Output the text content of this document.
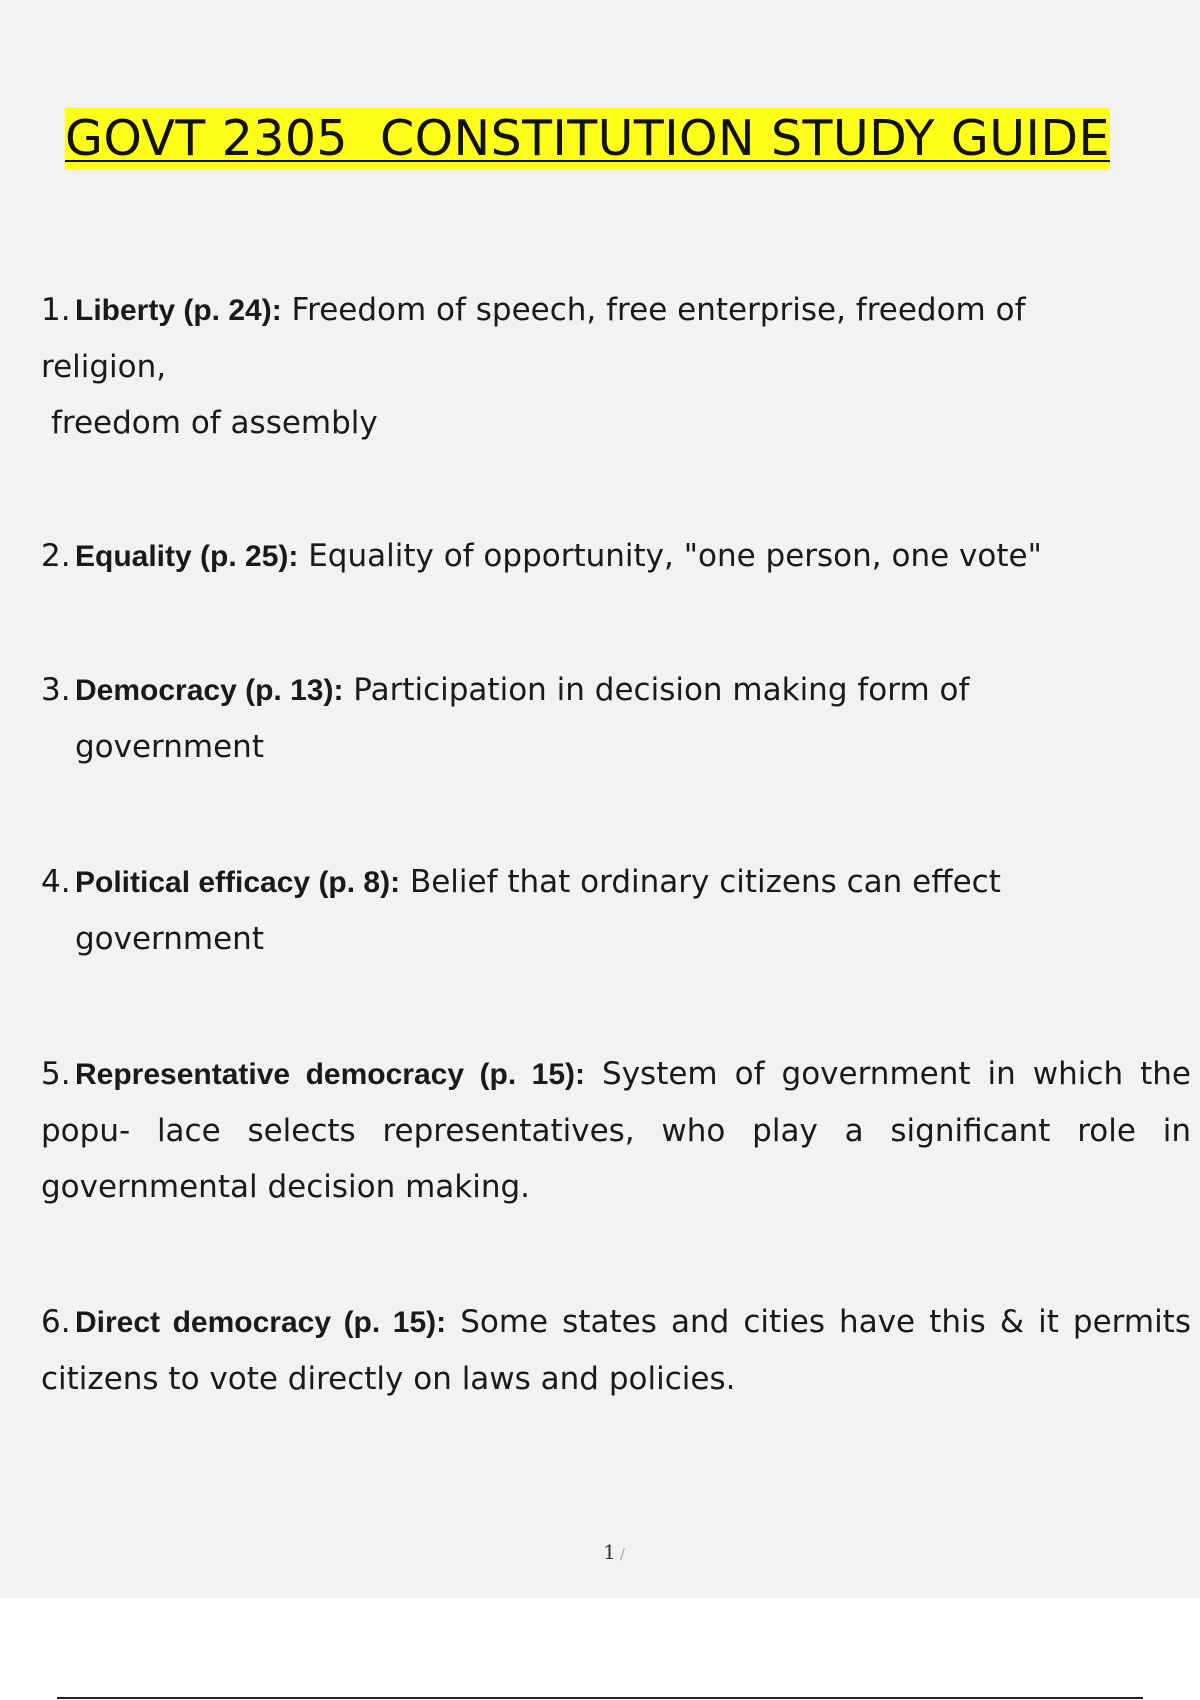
GOVT 2305  CONSTITUTION STUDY GUIDE
1. Liberty (p. 24): Freedom of speech, free enterprise, freedom of
religion,
freedom of assembly
2. Equality (p. 25): Equality of opportunity, "one person, one vote"
3. Democracy (p. 13): Participation in decision making form of
government
4. Political efficacy (p. 8): Belief that ordinary citizens can effect
government
5. Representative democracy (p. 15): System of government in which the
popu- lace selects representatives, who play a significant role in
governmental decision making.
6. Direct democracy (p. 15): Some states and cities have this & it permits
citizens to vote directly on laws and policies.
1 /
